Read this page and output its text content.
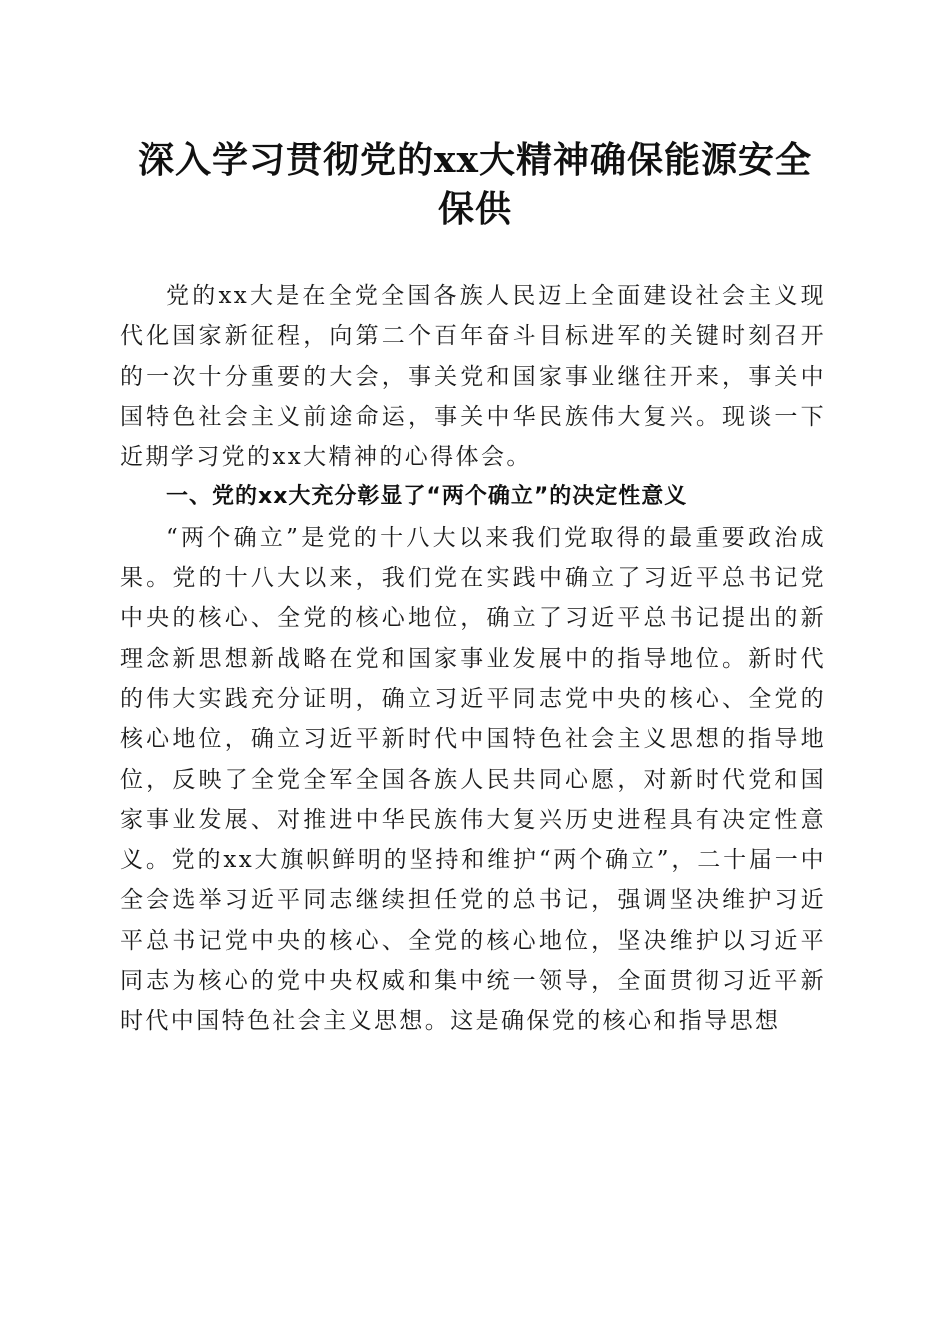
深入学习贯彻党的xx大精神确保能源安全保供

党的xx大是在全党全国各族人民迈上全面建设社会主义现代化国家新征程，向第二个百年奋斗目标进军的关键时刻召开的一次十分重要的大会，事关党和国家事业继往开来，事关中国特色社会主义前途命运，事关中华民族伟大复兴。现谈一下近期学习党的xx大精神的心得体会。

一、党的xx大充分彰显了“两个确立”的决定性意义

“两个确立”是党的十八大以来我们党取得的最重要政治成果。党的十八大以来，我们党在实践中确立了习近平总书记党中央的核心、全党的核心地位，确立了习近平总书记提出的新理念新思想新战略在党和国家事业发展中的指导地位。新时代的伟大实践充分证明，确立习近平同志党中央的核心、全党的核心地位，确立习近平新时代中国特色社会主义思想的指导地位，反映了全党全军全国各族人民共同心愿，对新时代党和国家事业发展、对推进中华民族伟大复兴历史进程具有决定性意义。党的xx大旗帜鲜明的坚持和维护“两个确立”，二十届一中全会选举习近平同志继续担任党的总书记，强调坚决维护习近平总书记党中央的核心、全党的核心地位，坚决维护以习近平同志为核心的党中央权威和集中统一领导，全面贯彻习近平新时代中国特色社会主义思想。这是确保党的核心和指导思想
